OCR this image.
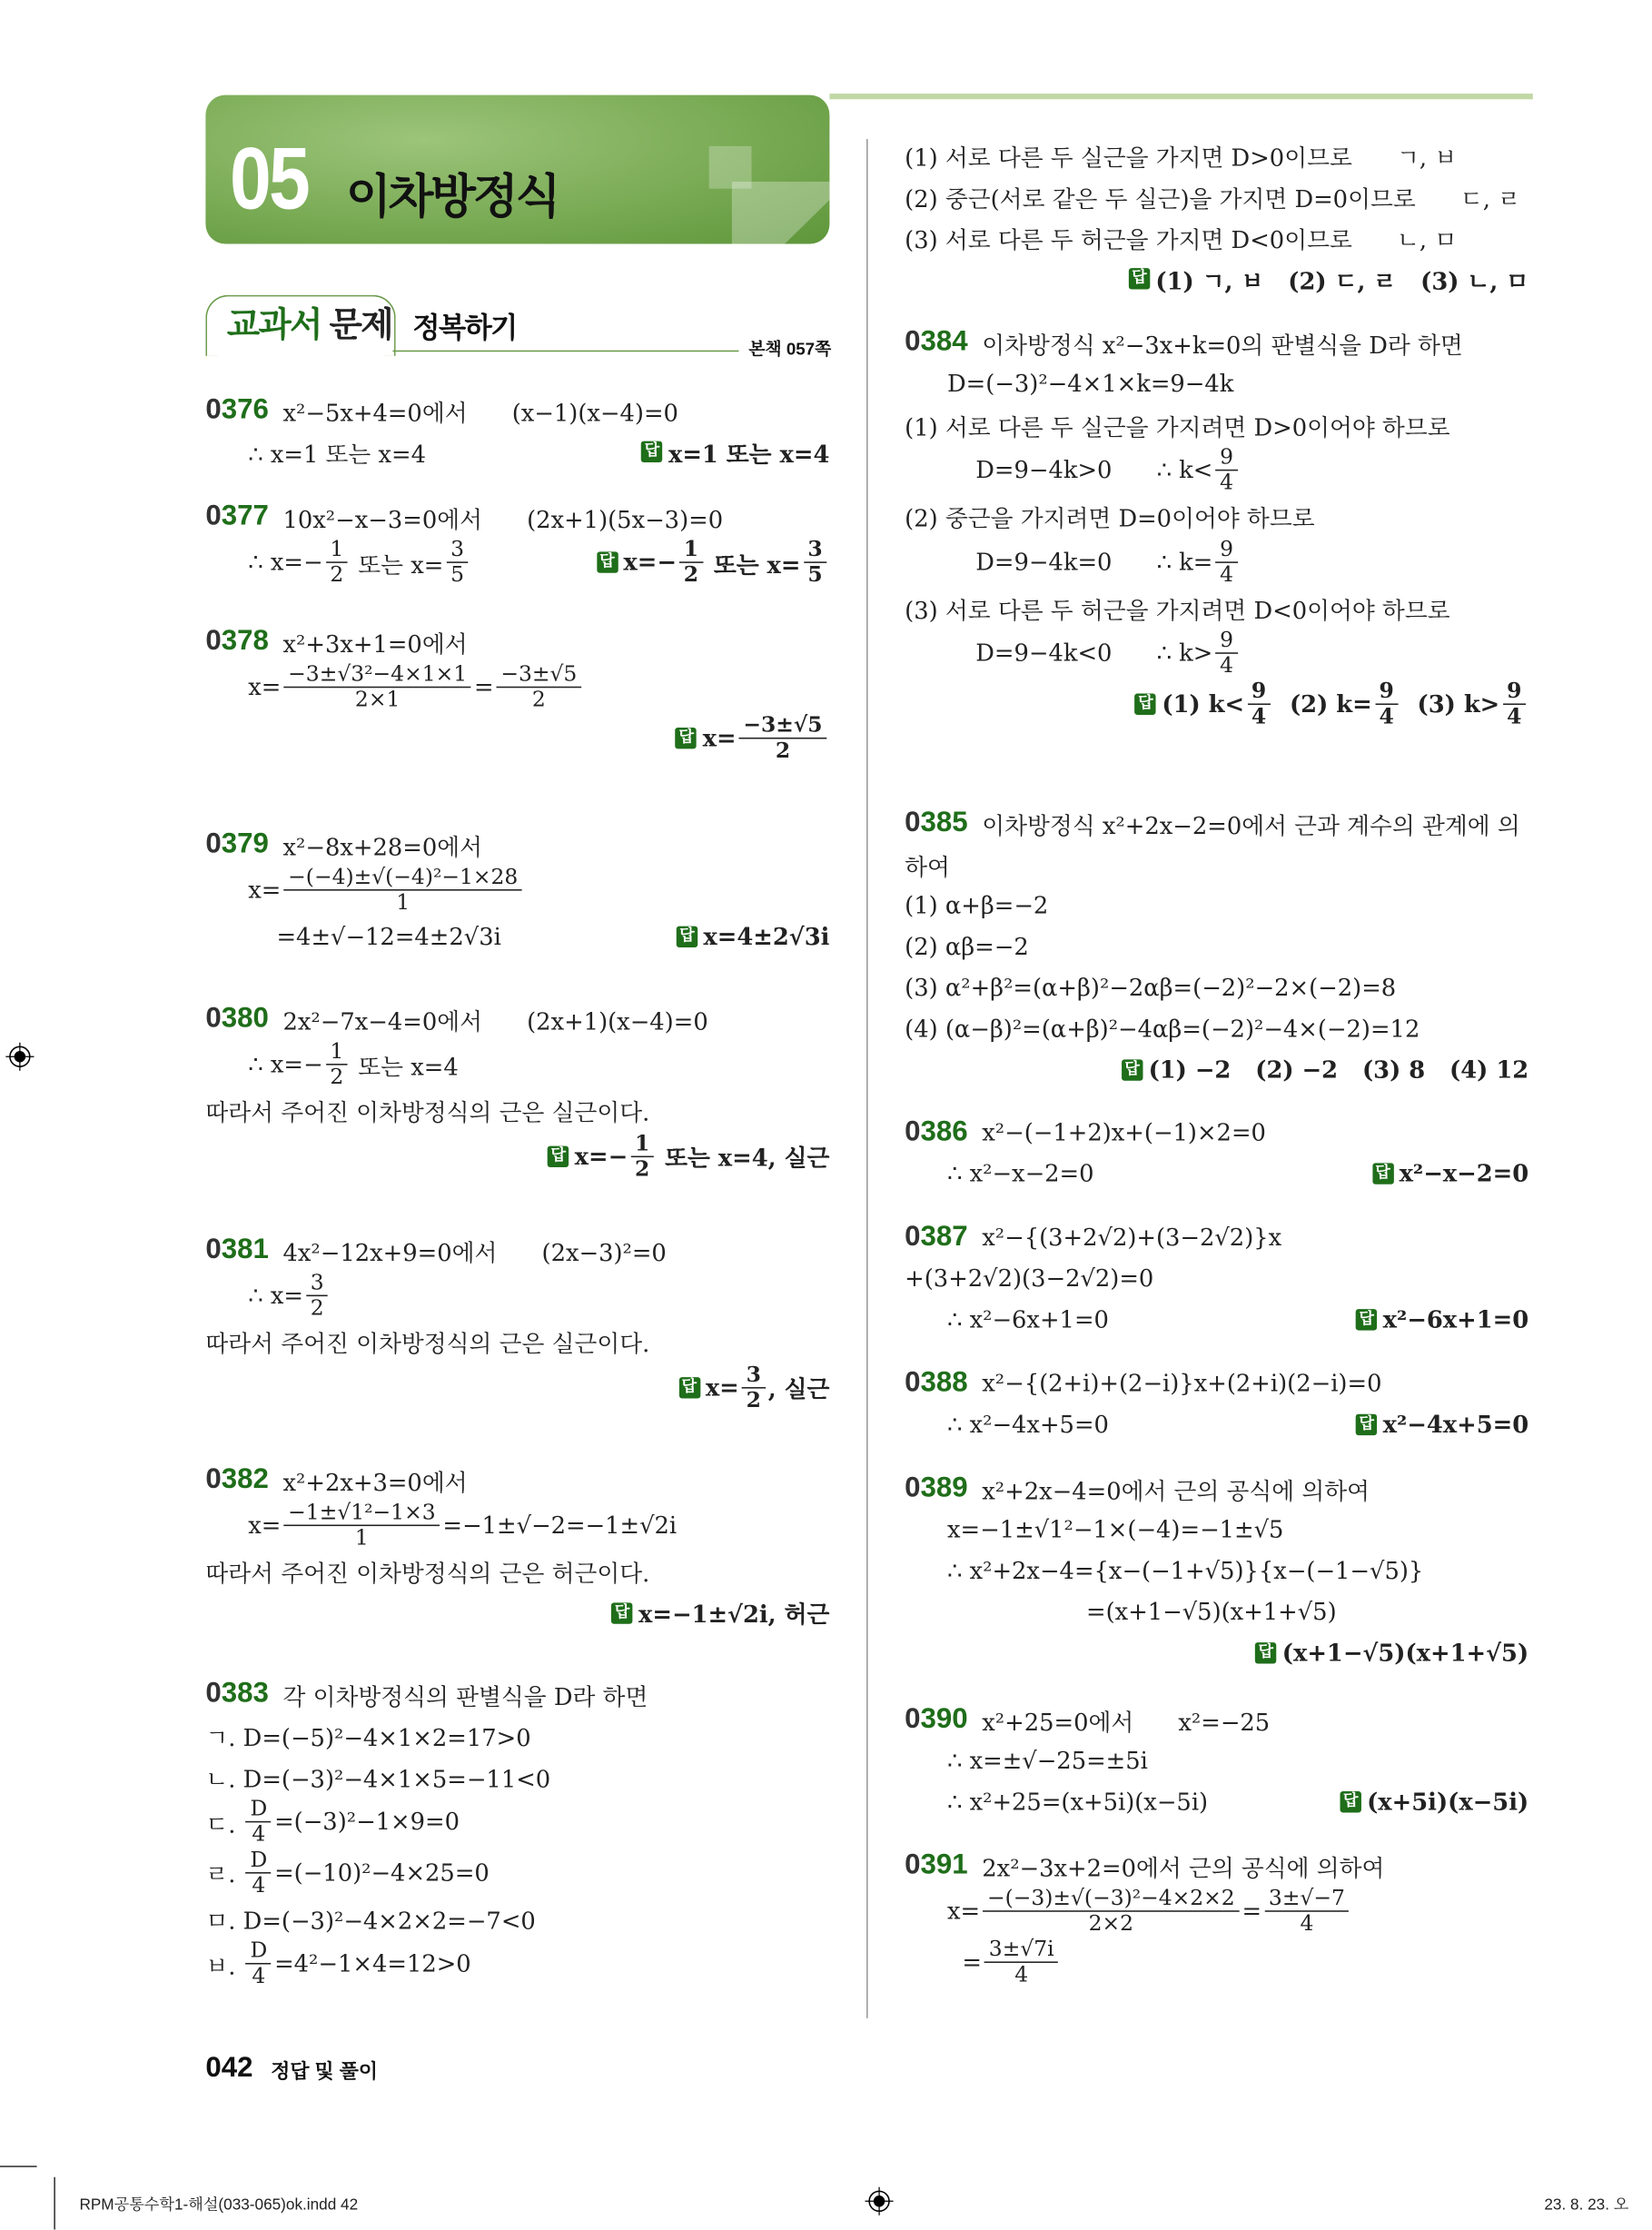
05 이차방정식
교과서 문제 정복하기
본책 057쪽
0376 x²−5x+4=0에서      (x−1)(x−4)=0
∴ x=1 또는 x=4	답 x=1 또는 x=4
0377 10x²−x−3=0에서      (2x+1)(5x−3)=0
∴ $x=- \frac{1}{2}$ 또는 $x= \frac{3}{5}$	답 $x=- \frac{1}{2}$ 또는 $x= \frac{3}{5}$
0378 x²+3x+1=0에서
$x= \frac{\text{−3±√3²−4×1×1}}{2\times 1} = \frac{-3\pm√5}{2}$
답 $x= \frac{-3\pm√5}{2}$
0379 x²−8x+28=0에서
$x= \frac{\text{−(−4)±√(−4)²−1×28}}{1}$
=4±√−12=4±2√3i	답 x=4±2√3i
0380 2x²−7x−4=0에서      (2x+1)(x−4)=0
∴ $x=- \frac{1}{2}$ 또는 x=4
따라서 주어진 이차방정식의 근은 실근이다.
답 $x=- \frac{1}{2}$ 또는 x=4, 실근
0381 4x²−12x+9=0에서      (2x−3)²=0
∴ $x= \frac{3}{2}$
따라서 주어진 이차방정식의 근은 실근이다.
답 $x= \frac{3}{2}$ , 실근
0382 x²+2x+3=0에서
$x= \frac{\text{−1±√1²−1×3}}{1} =-1\pm√-2=-1\pm√2i$
따라서 주어진 이차방정식의 근은 허근이다.
답 x=−1±√2i, 허근
0383 각 이차방정식의 판별식을 D라 하면
ㄱ. D=(−5)²−4×1×2=17>0
ㄴ. D=(−3)²−4×1×5=−11<0
ㄷ. $\frac{D}{4} =(-3)^2-1\times 9=0$
ㄹ. $\frac{D}{4} =(-10)^2-4\times 25=0$
ㅁ. D=(−3)²−4×2×2=−7<0
ㅂ. $\frac{D}{4} =4^2-1\times 4=12>0$
(1) 서로 다른 두 실근을 가지면 D>0이므로      ㄱ, ㅂ
(2) 중근(서로 같은 두 실근)을 가지면 D=0이므로      ㄷ, ㄹ
(3) 서로 다른 두 허근을 가지면 D<0이므로      ㄴ, ㅁ
답 (1) ㄱ, ㅂ   (2) ㄷ, ㄹ   (3) ㄴ, ㅁ
0384 이차방정식 x²−3x+k=0의 판별식을 D라 하면
D=(−3)²−4×1×k=9−4k
(1) 서로 다른 두 실근을 가지려면 D>0이어야 하므로
D=9−4k>0      ∴ $k< \frac{9}{4}$
(2) 중근을 가지려면 D=0이어야 하므로
D=9−4k=0      ∴ $k= \frac{9}{4}$
(3) 서로 다른 두 허근을 가지려면 D<0이어야 하므로
D=9−4k<0      ∴ $k> \frac{9}{4}$
답 (1) $k< \frac{9}{4} (2)$ $k= \frac{9}{4} (3)$ $k> \frac{9}{4}$
0385 이차방정식 x²+2x−2=0에서 근과 계수의 관계에 의
하여
(1) α+β=−2
(2) αβ=−2
(3) α²+β²=(α+β)²−2αβ=(−2)²−2×(−2)=8
(4) (α−β)²=(α+β)²−4αβ=(−2)²−4×(−2)=12
답 (1) −2   (2) −2   (3) 8   (4) 12
0386 x²−(−1+2)x+(−1)×2=0
∴ x²−x−2=0	답 x²−x−2=0
0387 x²−{(3+2√2)+(3−2√2)}x
+(3+2√2)(3−2√2)=0
∴ x²−6x+1=0	답 x²−6x+1=0
0388 x²−{(2+i)+(2−i)}x+(2+i)(2−i)=0
∴ x²−4x+5=0	답 x²−4x+5=0
0389 x²+2x−4=0에서 근의 공식에 의하여
x=−1±√1²−1×(−4)=−1±√5
∴ x²+2x−4={x−(−1+√5)}{x−(−1−√5)}
=(x+1−√5)(x+1+√5)
답 (x+1−√5)(x+1+√5)
0390 x²+25=0에서      x²=−25
∴ x=±√−25=±5i
∴ x²+25=(x+5i)(x−5i)	답 (x+5i)(x−5i)
0391 2x²−3x+2=0에서 근의 공식에 의하여
$x= \frac{\text{−(−3)±√(−3)²−4×2×2}}{2\times 2} = \frac{3\pm√-7}{4}$
= $\frac{3\pm√7i}{4}$
042 정답 및 풀이
RPM공통수학1-해설(033-065)ok.indd 42	23. 8. 23. 오
